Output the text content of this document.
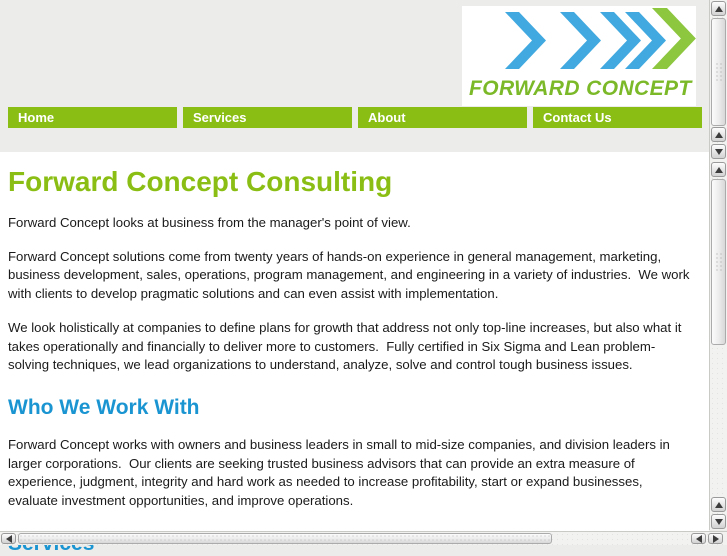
FORWARD CONCEPT
Home	Services	About	Contact Us
Forward Concept Consulting

Forward Concept looks at business from the manager's point of view.

Forward Concept solutions come from twenty years of hands-on experience in general management, marketing, business development, sales, operations, program management, and engineering in a variety of industries.  We work with clients to develop pragmatic solutions and can even assist with implementation.

We look holistically at companies to define plans for growth that address not only top-line increases, but also what it takes operationally and financially to deliver more to customers.  Fully certified in Six Sigma and Lean problem-solving techniques, we lead organizations to understand, analyze, solve and control tough business issues.

Who We Work With

Forward Concept works with owners and business leaders in small to mid-size companies, and division leaders in larger corporations.  Our clients are seeking trusted business advisors that can provide an extra measure of experience, judgment, integrity and hard work as needed to increase profitability, start or expand businesses, evaluate investment opportunities, and improve operations.
